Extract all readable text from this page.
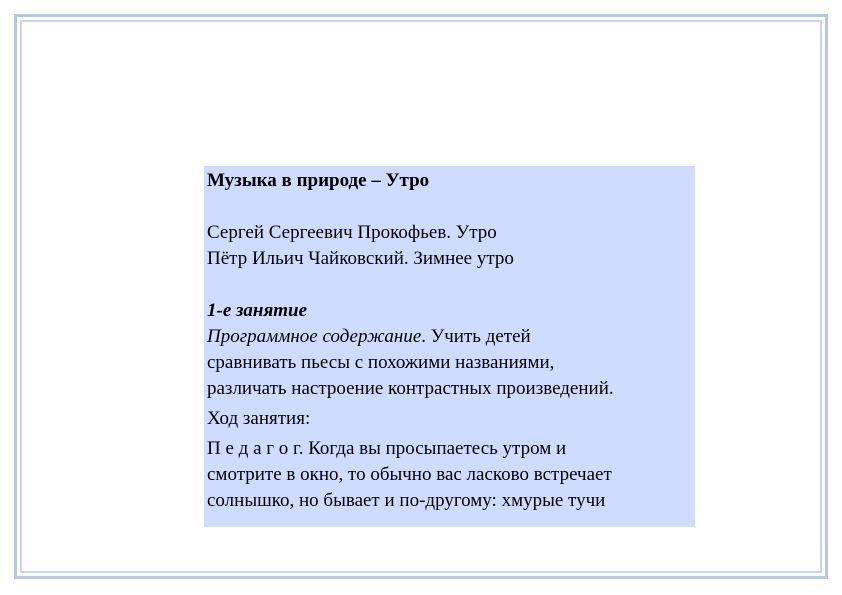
Музыка в природе – Утро

Сергей Сергеевич Прокофьев. Утро

Пётр Ильич Чайковский. Зимнее утро

1-е занятие

Программное содержание. Учить детей

сравнивать пьесы с похожими названиями,

различать настроение контрастных произведений.

Ход занятия:

П е д а г о г. Когда вы просыпаетесь утром и

смотрите в окно, то обычно вас ласково встречает

солнышко, но бывает и по-другому: хмурые тучи
